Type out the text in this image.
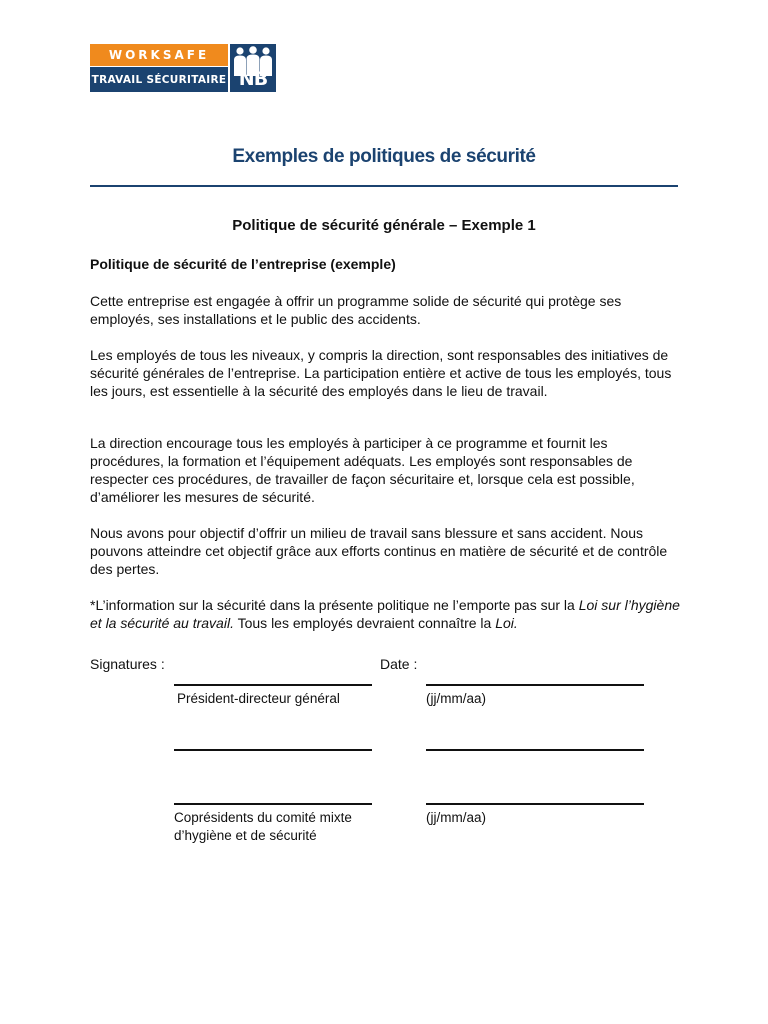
WORKSAFE
TRAVAIL SÉCURITAIRE NB
Exemples de politiques de sécurité
Politique de sécurité générale – Exemple 1
Politique de sécurité de l’entreprise (exemple)
Cette entreprise est engagée à offrir un programme solide de sécurité qui protège ses employés, ses installations et le public des accidents.
Les employés de tous les niveaux, y compris la direction, sont responsables des initiatives de sécurité générales de l’entreprise. La participation entière et active de tous les employés, tous les jours, est essentielle à la sécurité des employés dans le lieu de travail.
La direction encourage tous les employés à participer à ce programme et fournit les procédures, la formation et l’équipement adéquats. Les employés sont responsables de respecter ces procédures, de travailler de façon sécuritaire et, lorsque cela est possible, d’améliorer les mesures de sécurité.
Nous avons pour objectif d’offrir un milieu de travail sans blessure et sans accident. Nous pouvons atteindre cet objectif grâce aux efforts continus en matière de sécurité et de contrôle des pertes.
*L’information sur la sécurité dans la présente politique ne l’emporte pas sur la Loi sur l’hygiène et la sécurité au travail. Tous les employés devraient connaître la Loi.
Signatures :	Date :
Président-directeur général	(jj/mm/aa)
Coprésidents du comité mixte
d’hygiène et de sécurité
(jj/mm/aa)
